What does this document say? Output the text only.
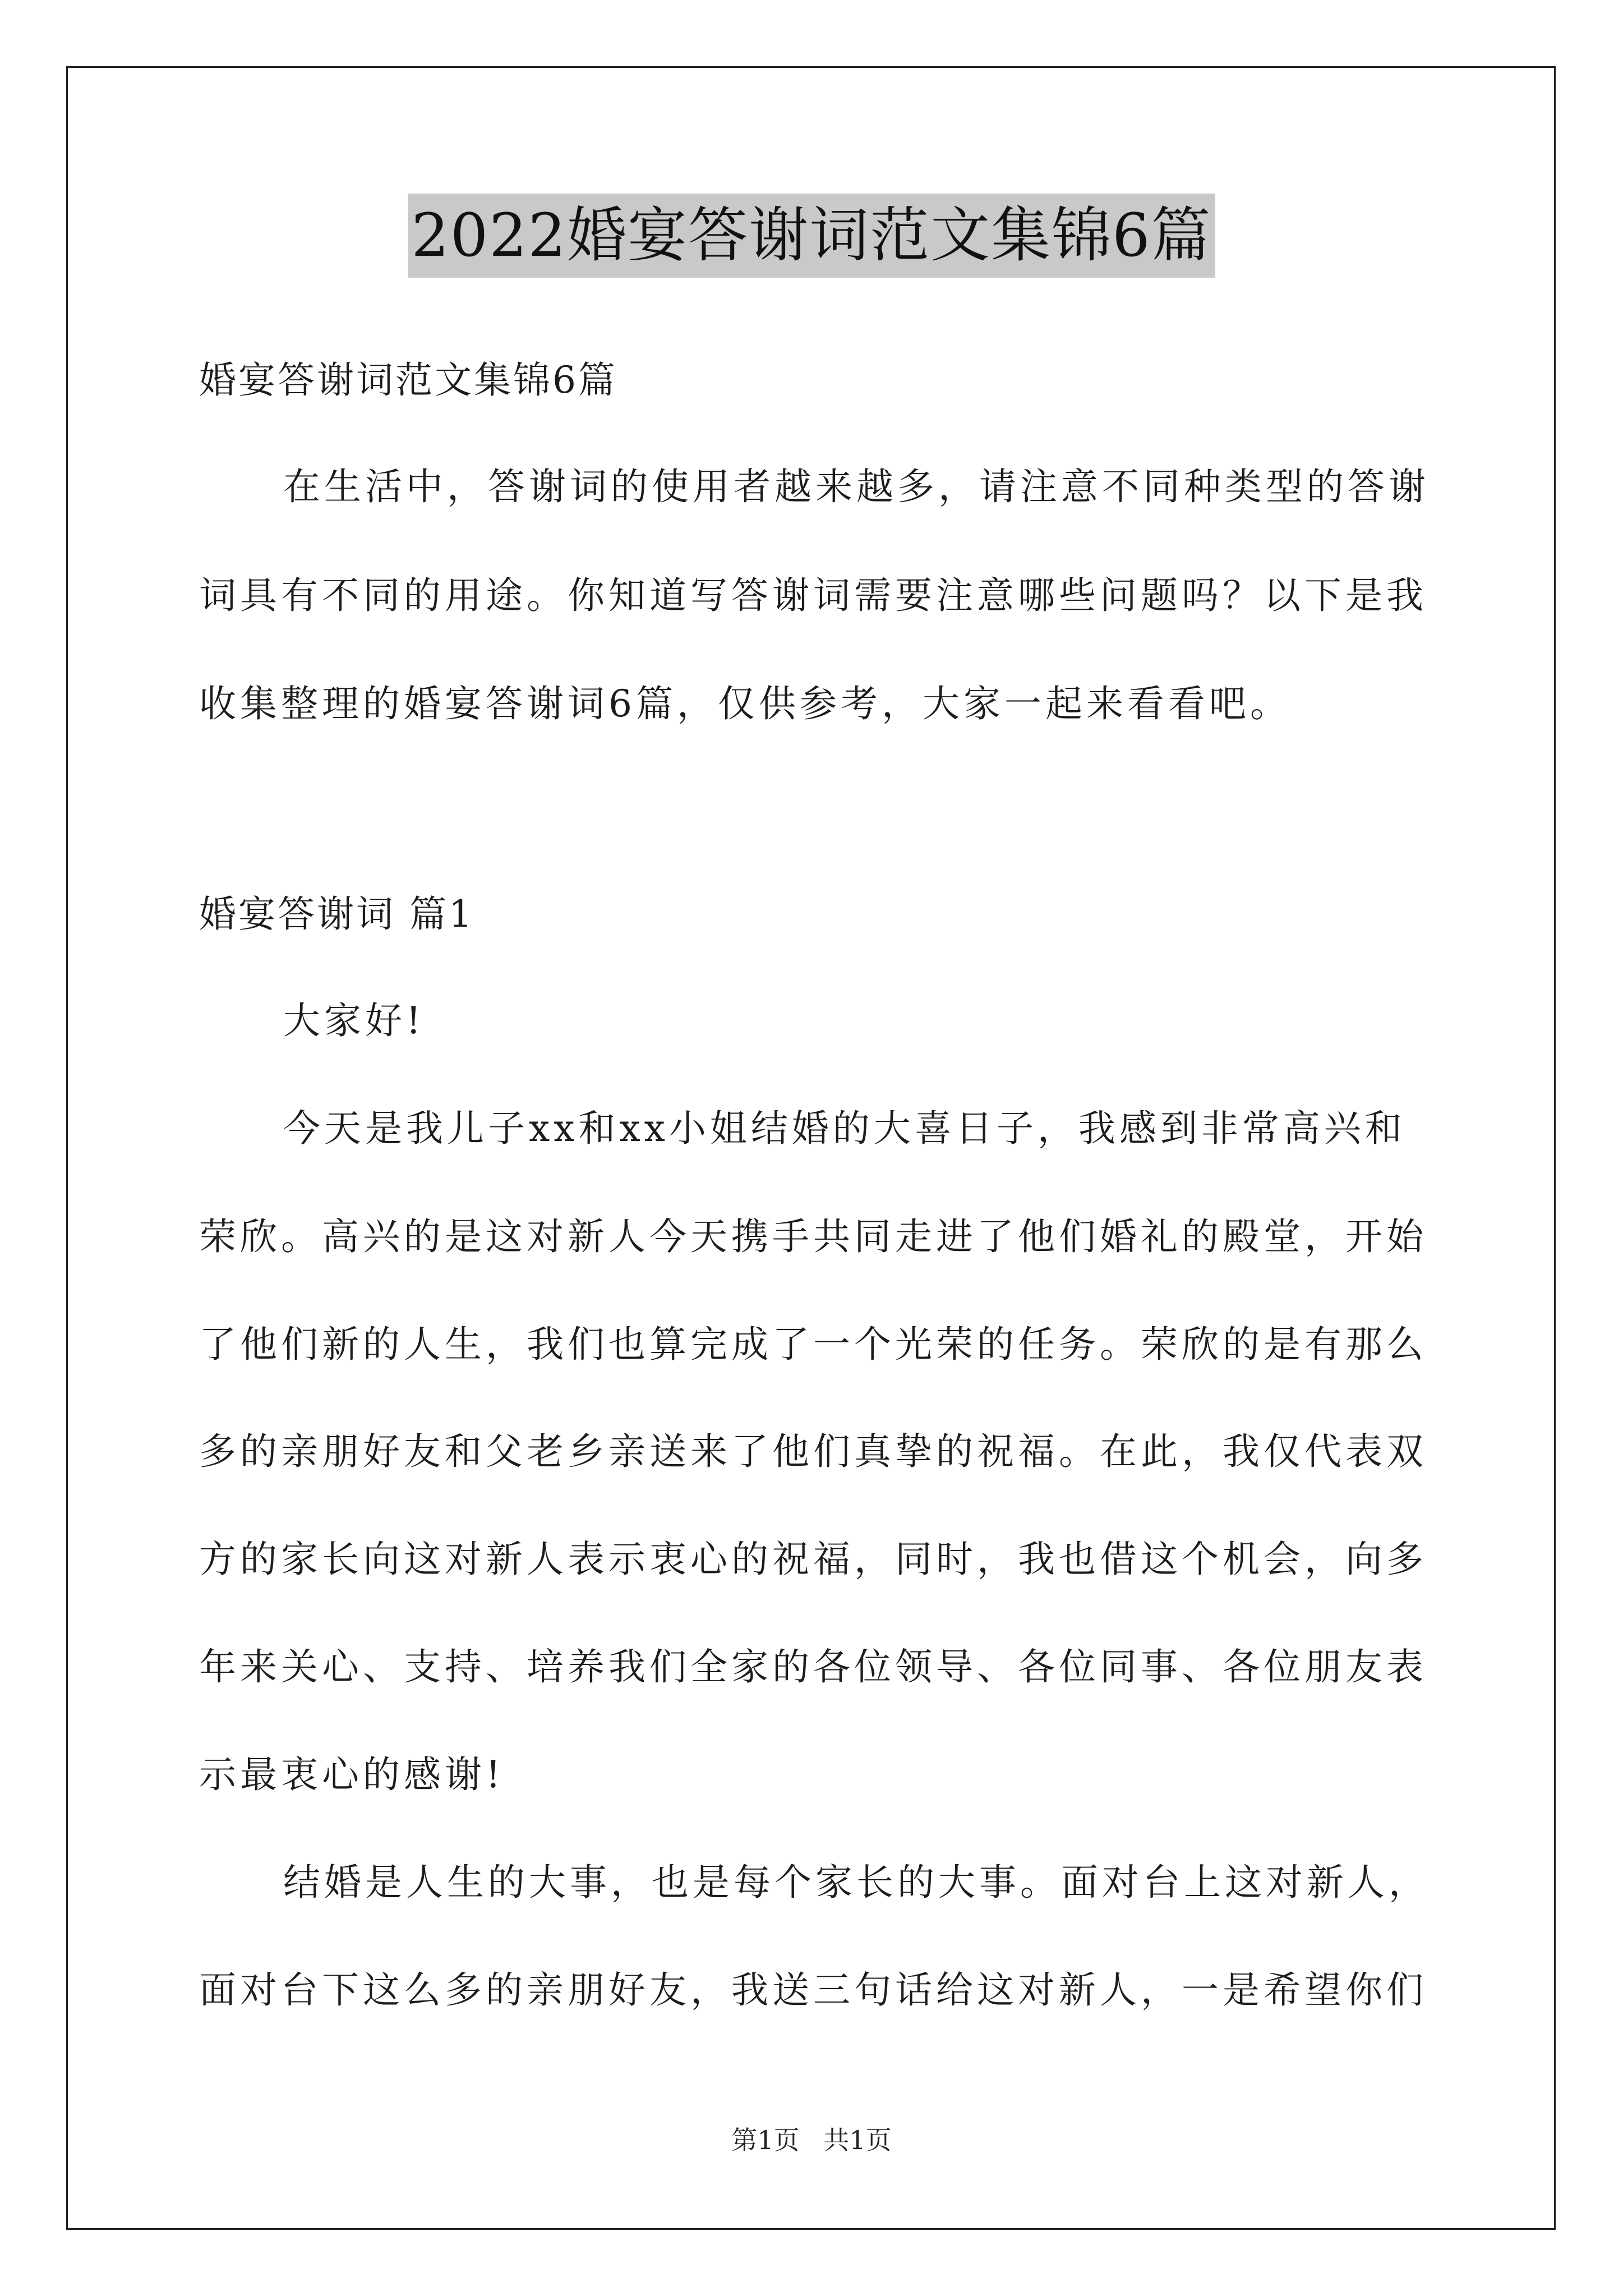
2022婚宴答谢词范文集锦6篇
婚宴答谢词范文集锦6篇
在生活中，答谢词的使用者越来越多，请注意不同种类型的答谢
词具有不同的用途。你知道写答谢词需要注意哪些问题吗？以下是我
收集整理的婚宴答谢词6篇，仅供参考，大家一起来看看吧。
婚宴答谢词 篇1
大家好!
今天是我儿子xx和xx小姐结婚的大喜日子，我感到非常高兴和
荣欣。高兴的是这对新人今天携手共同走进了他们婚礼的殿堂，开始
了他们新的人生，我们也算完成了一个光荣的任务。荣欣的是有那么
多的亲朋好友和父老乡亲送来了他们真挚的祝福。在此，我仅代表双
方的家长向这对新人表示衷心的祝福，同时，我也借这个机会，向多
年来关心、支持、培养我们全家的各位领导、各位同事、各位朋友表
示最衷心的感谢!
结婚是人生的大事，也是每个家长的大事。面对台上这对新人，
面对台下这么多的亲朋好友，我送三句话给这对新人，一是希望你们
第1页 共1页
